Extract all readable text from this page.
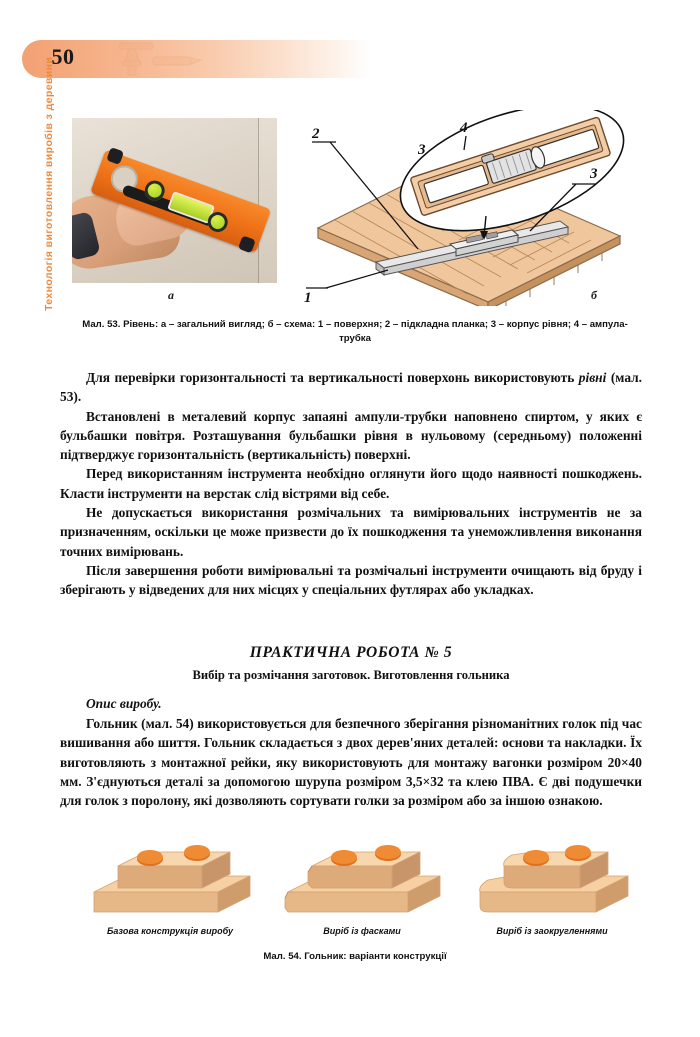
50
Технологія виготовлення виробів з деревини	2
1
3
3
4
а	б
Мал. 53. Рівень: а – загальний вигляд; б – схема: 1 – поверхня; 2 – підкладна планка; 3 – корпус рівня; 4 – ампула-трубка

Для перевірки горизонтальності та вертикальності поверхонь використовують рівні (мал. 53).

Встановлені в металевий корпус запаяні ампули-трубки наповнено спиртом, у яких є бульбашки повітря. Розташування бульбашки рівня в нульовому (середньому) положенні підтверджує горизонтальність (вертикальність) поверхні.

Перед використанням інструмента необхідно оглянути його щодо наявності пошкоджень. Класти інструменти на верстак слід вістрями від себе.

Не допускається використання розмічальних та вимірювальних інструментів не за призначенням, оскільки це може призвести до їх пошкодження та унеможливлення виконання точних вимірювань.

Після завершення роботи вимірювальні та розмічальні інструменти очищають від бруду і зберігають у відведених для них місцях у спеціальних футлярах або укладках.

ПРАКТИЧНА РОБОТА № 5
Вибір та розмічання заготовок. Виготовлення гольника
Опис виробу.

Гольник (мал. 54) використовується для безпечного зберігання різноманітних голок під час вишивання або шиття. Гольник складається з двох дерев'яних деталей: основи та накладки. Їх виготовляють з монтажної рейки, яку використовують для монтажу вагонки розміром 20×40 мм. З'єднуються деталі за допомогою шурупа розміром 3,5×32 та клею ПВА. Є дві подушечки для голок з поролону, які дозволяють сортувати голки за розміром або за іншою ознакою.

Базова конструкція виробу	Виріб із фасками	Виріб із заокругленнями
Мал. 54. Гольник: варіанти конструкції
